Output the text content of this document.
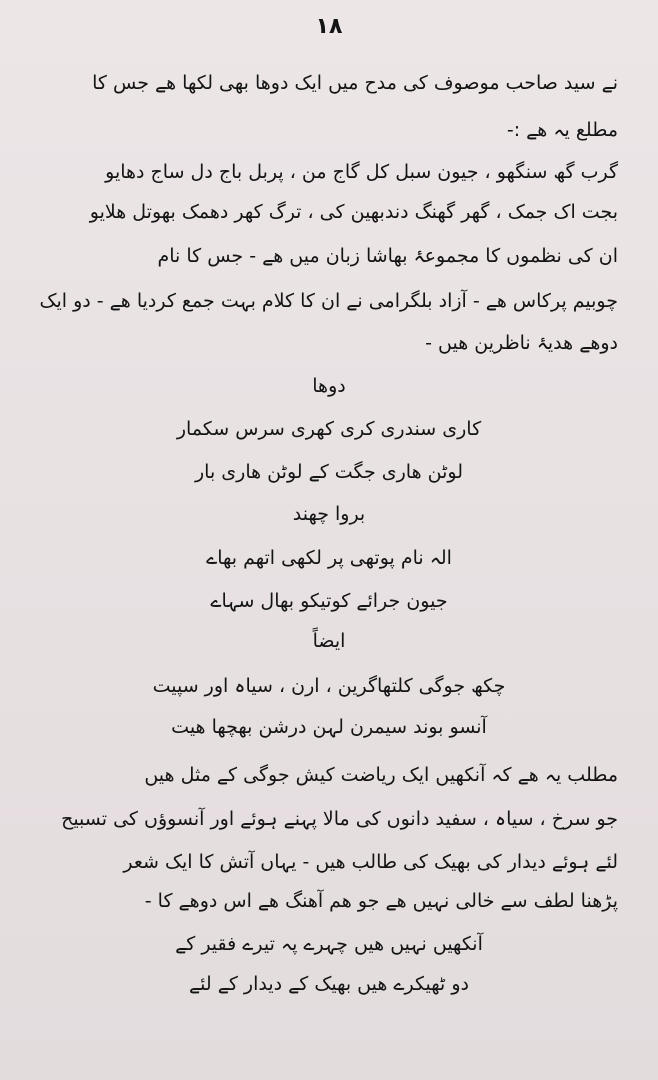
۱۸
نے سید صاحب موصوف کی مدح میں ایک دوھا بھی لکھا ھے جس کا
مطلع یہ ھے :-
گرب گھ سنگھو ، جیون سبل کل گاج من ، پربل باج دل ساج دھایو
بجت اک جمک ، گھر گھنگ دندبھین کی ، ترگ کھر دھمک بھوتل ھلایو
ان کی نظموں کا مجموعۂ بھاشا زبان میں ھے - جس کا نام
چوبیم پرکاس ھے - آزاد بلگرامی نے ان کا کلام بہت جمع کردیا ھے - دو ایک
دوھے ھدیۂ ناظرین ھیں -
دوھا
کاری سندری کری کھری سرس سکمار
لوٹن ھاری جگت کے لوٹن ھاری بار
بروا چھند
الہ نام پوتھی پر لکھی اتھم بھاے
جیون جرائے کوتیکو بھال سہاے
ایضاً
چکھ جوگی کلتھاگرین ، ارن ، سیاہ اور سپیت
آنسو بوند سیمرن لہن درشن بھچھا ھیت
مطلب یہ ھے کہ آنکھیں ایک ریاضت کیش جوگی کے مثل ھیں
جو سرخ ، سیاہ ، سفید دانوں کی مالا پہنے ہوئے اور آنسوؤں کی تسبیح
لئے ہوئے دیدار کی بھیک کی طالب ھیں - یہاں آتش کا ایک شعر
پڑھنا لطف سے خالی نہیں ھے جو ھم آھنگ ھے اس دوھے کا -
آنکھیں نہیں ھیں چہرے پہ تیرے فقیر کے
دو ٹھیکرے ھیں بھیک کے دیدار کے لئے
